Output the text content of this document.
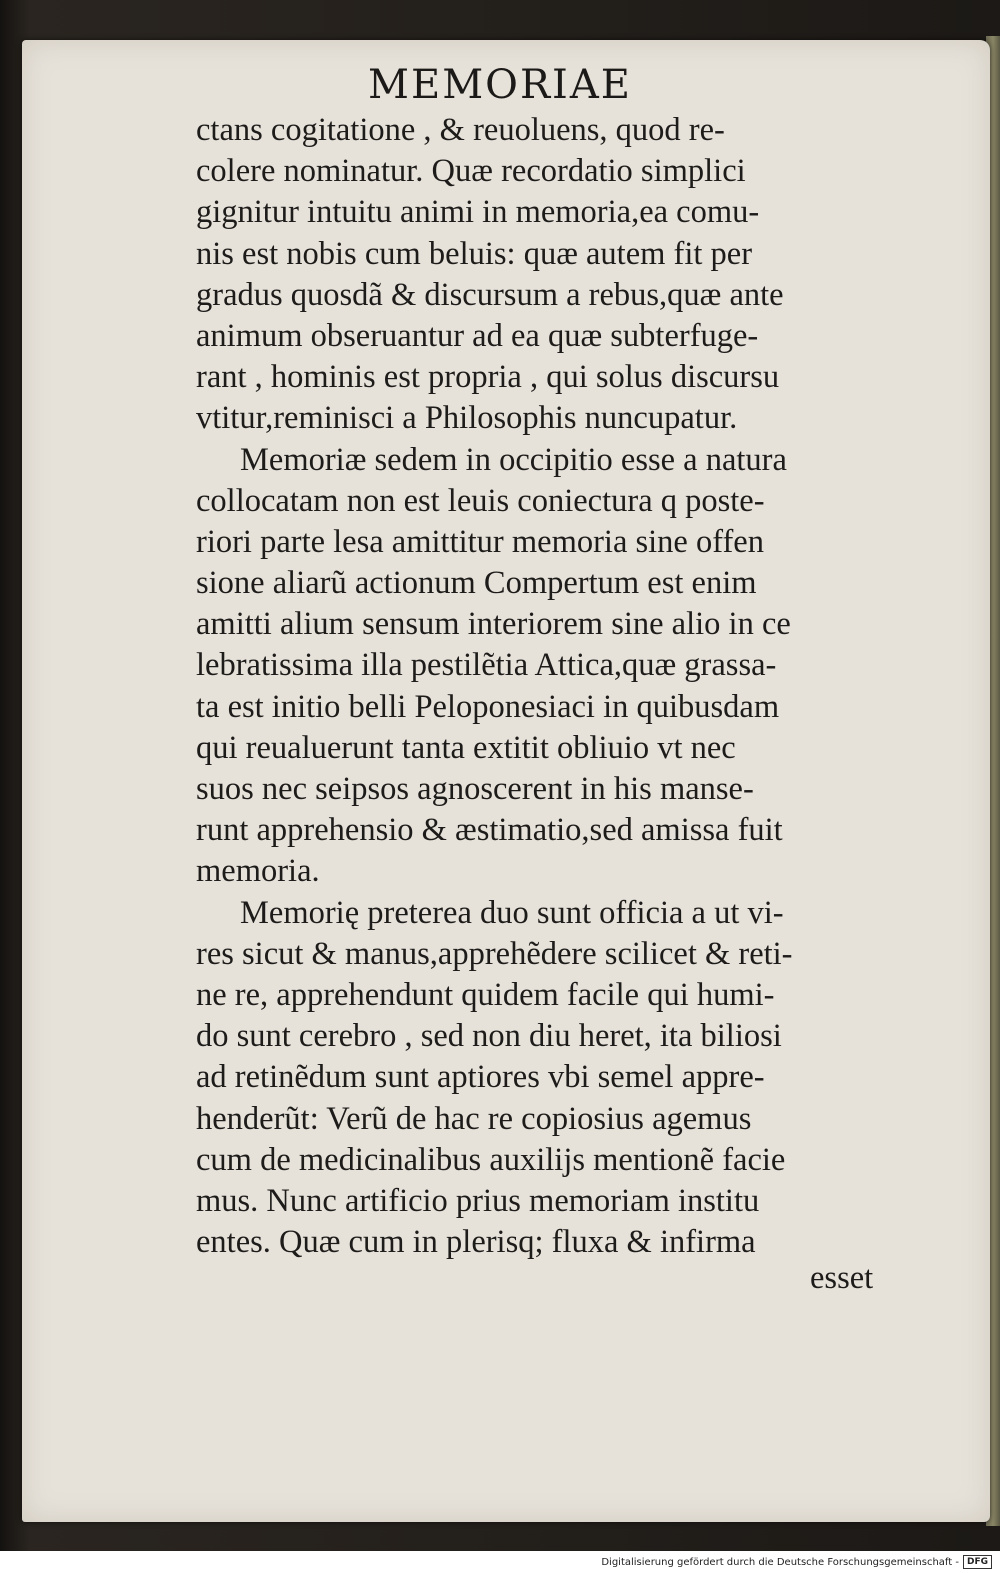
MEMORIAE
ctans cogitatione , & reuoluens, quod re-
colere nominatur. Quæ recordatio simplici
gignitur intuitu animi in memoria,ea comu-
nis est nobis cum beluis: quæ autem fit per
gradus quosdã & discursum a rebus,quæ ante
animum obseruantur ad ea quæ subterfuge-
rant , hominis est propria , qui solus discursu
vtitur,reminisci a Philosophis nuncupatur.
Memoriæ sedem in occipitio esse a natura
collocatam non est leuis coniectura q poste-
riori parte lesa amittitur memoria sine offen
sione aliarũ actionum Compertum est enim
amitti alium sensum interiorem sine alio in ce
lebratissima illa pestilẽtia Attica,quæ grassa-
ta est initio belli Peloponesiaci in quibusdam
qui reualuerunt tanta extitit obliuio vt nec
suos nec seipsos agnoscerent in his manse-
runt apprehensio & æstimatio,sed amissa fuit
memoria.
Memorię preterea duo sunt officia a ut vi-
res sicut & manus,apprehẽdere scilicet & reti-
ne re, apprehendunt quidem facile qui humi-
do sunt cerebro , sed non diu heret, ita biliosi
ad retinẽdum sunt aptiores vbi semel appre-
henderũt: Verũ de hac re copiosius agemus
cum de medicinalibus auxilijs mentionẽ facie
mus. Nunc artificio prius memoriam institu
entes. Quæ cum in plerisq; fluxa & infirma
esset
Digitalisierung gefördert durch die Deutsche Forschungsgemeinschaft - DFG
